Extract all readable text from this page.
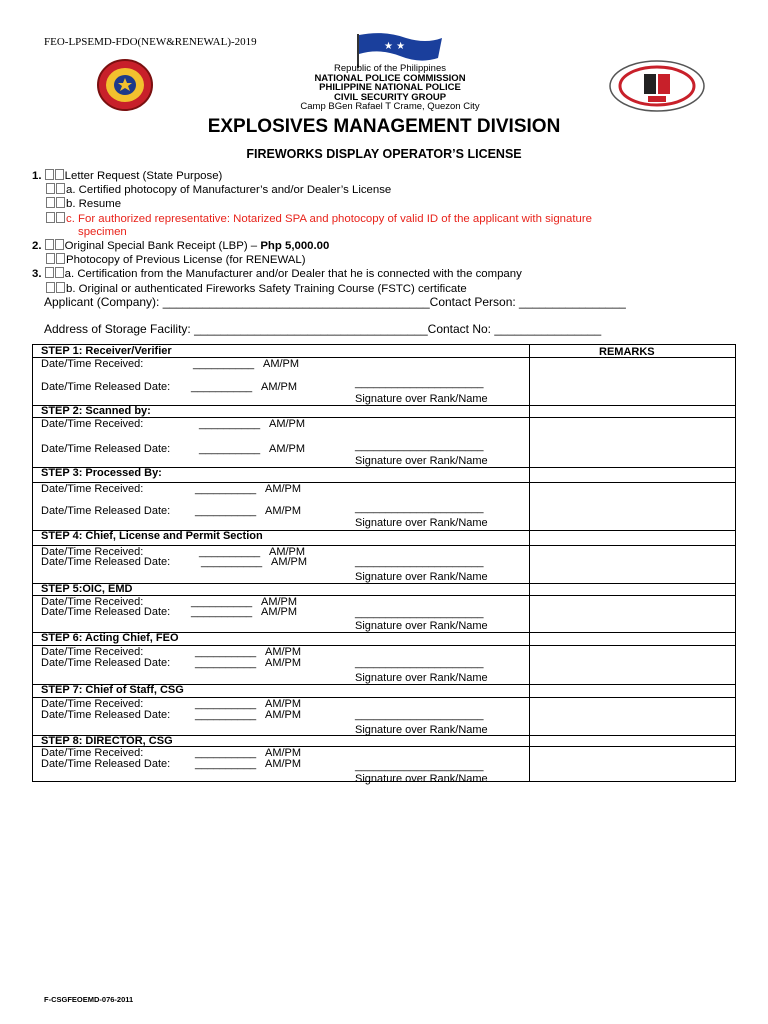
FEO-LPSEMD-FDO(NEW&RENEWAL)-2019	★ ★
Republic of the Philippines
NATIONAL POLICE COMMISSION
PHILIPPINE NATIONAL POLICE
CIVIL SECURITY GROUP
Camp BGen Rafael T Crame, Quezon City
EXPLOSIVES MANAGEMENT DIVISION
FIREWORKS DISPLAY OPERATOR’S LICENSE
1. Letter Request (State Purpose)
a. Certified photocopy of Manufacturer’s and/or Dealer’s License
b. Resume
c. For authorized representative: Notarized SPA and photocopy of valid ID of the applicant with signature
specimen
2. Original Special Bank Receipt (LBP) – Php 5,000.00
Photocopy of Previous License (for RENEWAL)
3. a. Certification from the Manufacturer and/or Dealer that he is connected with the company
b. Original or authenticated Fireworks Safety Training Course (FSTC) certificate
Applicant (Company): ________________________________________Contact Person: ________________
Address of Storage Facility: ___________________________________Contact No: ________________
REMARKS
STEP 1: Receiver/Verifier
Date/Time Received:	__________ AM/PM
Date/Time Released Date: __________ AM/PM	_____________________
Signature over Rank/Name
STEP 2: Scanned by:
Date/Time Received:	__________ AM/PM
Date/Time Released Date:	__________ AM/PM	_____________________
Signature over Rank/Name
STEP 3: Processed By:
Date/Time Received:	__________ AM/PM
Date/Time Released Date: __________ AM/PM	_____________________
Signature over Rank/Name
STEP 4: Chief, License and Permit Section
Date/Time Received:	__________ AM/PM
Date/Time Released Date:	__________ AM/PM	_____________________
Signature over Rank/Name
STEP 5:OIC, EMD
Date/Time Received:	__________ AM/PM
Date/Time Released Date: __________ AM/PM	_____________________
Signature over Rank/Name
STEP 6: Acting Chief, FEO
Date/Time Received:	__________ AM/PM
Date/Time Released Date: __________ AM/PM	_____________________
Signature over Rank/Name
STEP 7: Chief of Staff, CSG
Date/Time Received:	__________ AM/PM
Date/Time Released Date: __________ AM/PM	_____________________
Signature over Rank/Name
STEP 8: DIRECTOR, CSG
Date/Time Received:	__________ AM/PM
Date/Time Released Date: __________ AM/PM	_____________________
Signature over Rank/Name
F-CSGFEOEMD-076-2011
